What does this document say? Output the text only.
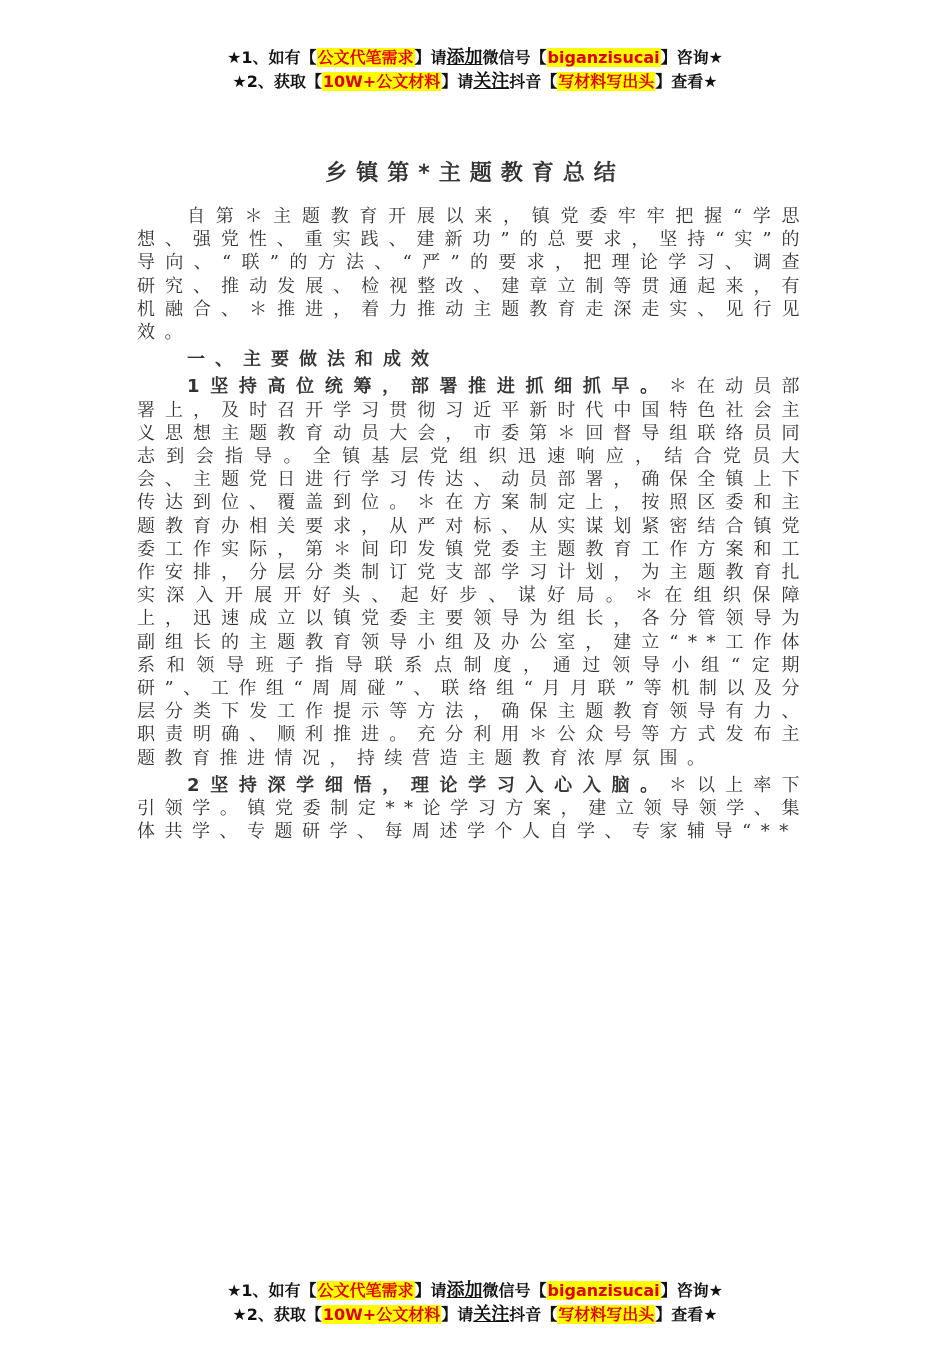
★1、如有【公文代笔需求】请添加微信号【biganzisucai】咨询★
★2、获取【10W+公文材料】请关注抖音【写材料写出头】查看★
乡镇第*主题教育总结

自第＊主题教育开展以来，镇党委牢牢把握“学思想、强党性、重实践、建新功”的总要求，坚持“实”的导向、“联”的方法、“严”的要求，把理论学习、调查研究、推动发展、检视整改、建章立制等贯通起来，有机融合、＊推进，着力推动主题教育走深走实、见行见效。

一、主要做法和成效

1坚持高位统筹，部署推进抓细抓早。＊在动员部署上，及时召开学习贯彻习近平新时代中国特色社会主义思想主题教育动员大会，市委第＊回督导组联络员同志到会指导。全镇基层党组织迅速响应，结合党员大会、主题党日进行学习传达、动员部署，确保全镇上下传达到位、覆盖到位。＊在方案制定上，按照区委和主题教育办相关要求，从严对标、从实谋划紧密结合镇党委工作实际，第＊间印发镇党委主题教育工作方案和工作安排，分层分类制订党支部学习计划，为主题教育扎实深入开展开好头、起好步、谋好局。＊在组织保障上，迅速成立以镇党委主要领导为组长，各分管领导为副组长的主题教育领导小组及办公室，建立“**工作体系和领导班子指导联系点制度，通过领导小组“定期研”、工作组“周周碰”、联络组“月月联”等机制以及分层分类下发工作提示等方法，确保主题教育领导有力、职责明确、顺利推进。充分利用＊公众号等方式发布主题教育推进情况，持续营造主题教育浓厚氛围。

2坚持深学细悟，理论学习入心入脑。＊以上率下引领学。镇党委制定**论学习方案，建立领导领学、集体共学、专题研学、每周述学个人自学、专家辅导“**

★1、如有【公文代笔需求】请添加微信号【biganzisucai】咨询★
★2、获取【10W+公文材料】请关注抖音【写材料写出头】查看★
